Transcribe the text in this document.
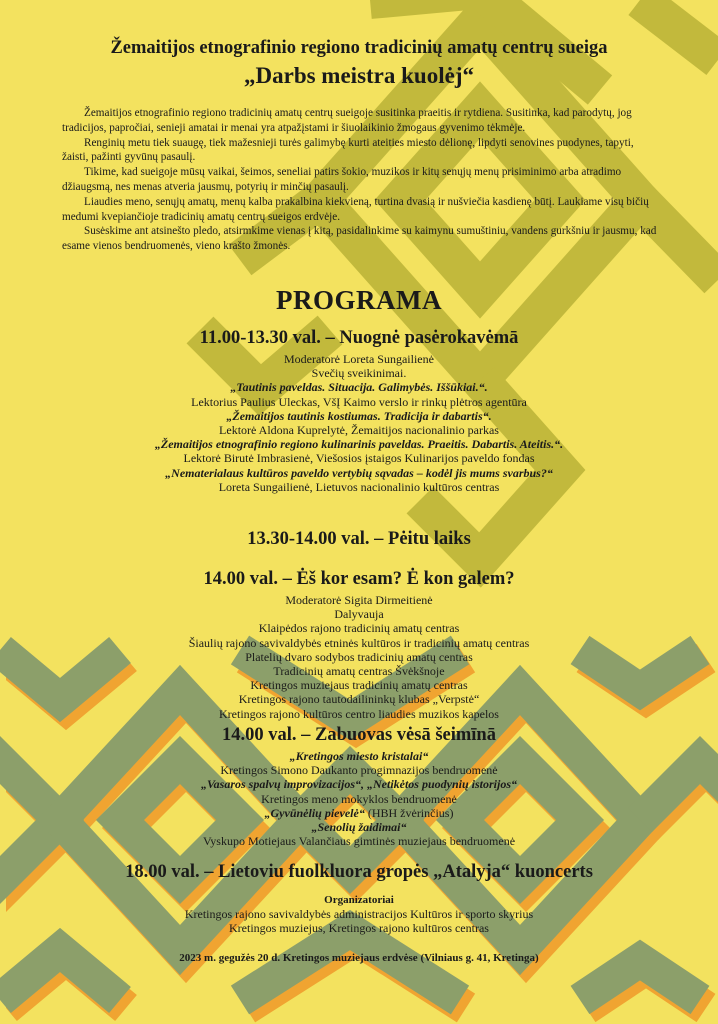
Žemaitijos etnografinio regiono tradicinių amatų centrų sueiga
„Darbs meistra kuolėj“

Žemaitijos etnografinio regiono tradicinių amatų centrų sueigoje susitinka praeitis ir rytdiena. Susitinka, kad parodytų, jog tradicijos, papročiai, senieji amatai ir menai yra atpažįstami ir šiuolaikinio žmogaus gyvenimo tėkmėje.

Renginių metu tiek suaugę, tiek mažesnieji turės galimybę kurti ateities miesto dėlionę, lipdyti senovines puodynes, tapyti, žaisti, pažinti gyvūnų pasaulį.

Tikime, kad sueigoje mūsų vaikai, šeimos, seneliai patirs šokio, muzikos ir kitų senųjų menų prisiminimo arba atradimo džiaugsmą, nes menas atveria jausmų, potyrių ir minčių pasaulį.

Liaudies meno, senųjų amatų, menų kalba prakalbina kiekvieną, turtina dvasią ir nušviečia kasdienę būtį. Laukiame visų bičių medumi kvepiančioje tradicinių amatų centrų sueigos erdvėje.

Susėskime ant atsinešto pledo, atsirmkime vienas į kitą, pasidalinkime su kaimynu sumuštiniu, vandens gurkšniu ir jausmu, kad esame vienos bendruomenės, vieno krašto žmonės.

PROGRAMA
11.00-13.30 val. – Nuognė pasėrokavėmā
Moderatorė Loreta Sungailienė
Svečių sveikinimai.
„Tautinis paveldas. Situacija. Galimybės. Iššūkiai.“.
Lektorius Paulius Uleckas, VšĮ Kaimo verslo ir rinkų plėtros agentūra
„Žemaitijos tautinis kostiumas. Tradicija ir dabartis“.
Lektorė Aldona Kuprelytė, Žemaitijos nacionalinio parkas
„Žemaitijos etnografinio regiono kulinarinis paveldas. Praeitis. Dabartis. Ateitis.“.
Lektorė Birutė Imbrasienė, Viešosios įstaigos Kulinarijos paveldo fondas
„Nematerialaus kultūros paveldo vertybių sąvadas – kodėl jis mums svarbus?“
Loreta Sungailienė, Lietuvos nacionalinio kultūros centras
13.30-14.00 val. – Pėitu laiks
14.00 val. – Ėš kor esam? Ė kon galem?
Moderatorė Sigita Dirmeitienė
Dalyvauja
Klaipėdos rajono tradicinių amatų centras
Šiaulių rajono savivaldybės etninės kultūros ir tradicinių amatų centras
Platelių dvaro sodybos tradicinių amatų centras
Tradicinių amatų centras Švėkšnoje
Kretingos muziejaus tradicinių amatų centras
Kretingos rajono tautodailininkų klubas „Verpstė“
Kretingos rajono kultūros centro liaudies muzikos kapelos
14.00 val. – Zabuovas vėsā šeimīnā
„Kretingos miesto kristalai“
Kretingos Simono Daukanto progimnazijos bendruomenė
„Vasaros spalvų improvizacijos“, „Netikėtos puodynių istorijos“
Kretingos meno mokyklos bendruomenė
„Gyvūnėlių pievelė“ (HBH žvėrinčius)
„Senolių žaidimai“
Vyskupo Motiejaus Valančiaus gimtinės muziejaus bendruomenė
18.00 val. – Lietoviu fuolkluora gropės „Atalyja“ kuoncerts
Organizatoriai
Kretingos rajono savivaldybės administracijos Kultūros ir sporto skyrius
Kretingos muziejus, Kretingos rajono kultūros centras
2023 m. gegužės 20 d. Kretingos muziejaus erdvėse (Vilniaus g. 41, Kretinga)
